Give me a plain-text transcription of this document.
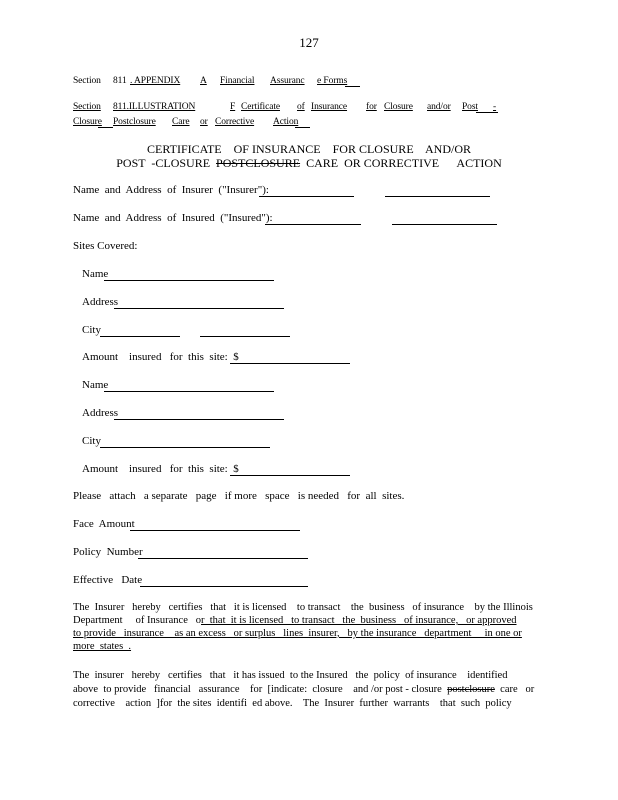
127
Section 811 . APPENDIX A Financial Assuranc e Forms
Section 811.ILLUSTRATION	F Certificate of Insurance for Closure and/or Post -
Closure Postclosure Care or Corrective Action
CERTIFICATE    OF INSURANCE    FOR CLOSURE    AND/OR
POST  -CLOSURE  POSTCLOSURE  CARE  OR CORRECTIVE      ACTION
Name  and  Address  of  Insurer  ("Insurer"):
Name  and  Address  of  Insured  ("Insured"):
Sites Covered:
Name
Address
City
Amount    insured   for  this  site:  $
Name
Address
City
Amount    insured   for  this  site:  $
Please   attach   a separate   page   if more   space   is needed   for  all  sites.
Face  Amount
Policy  Number
Effective   Date
The  Insurer   hereby   certifies   that   it is licensed    to transact    the  business   of insurance    by the Illinois
Department     of Insurance   or  that  it is licensed   to transact   the  business   of insurance,   or approved
to provide   insurance    as an excess   or surplus   lines  insurer,   by the insurance   department     in one or
more  states  .
The  insurer   hereby   certifies   that   it has issued  to the Insured   the  policy  of insurance    identified
above  to provide   financial   assurance    for  [indicate:  closure    and /or post - closure  postclosure  care   or
corrective    action  ]for  the sites  identifi  ed above.    The  Insurer  further  warrants    that  such  policy
